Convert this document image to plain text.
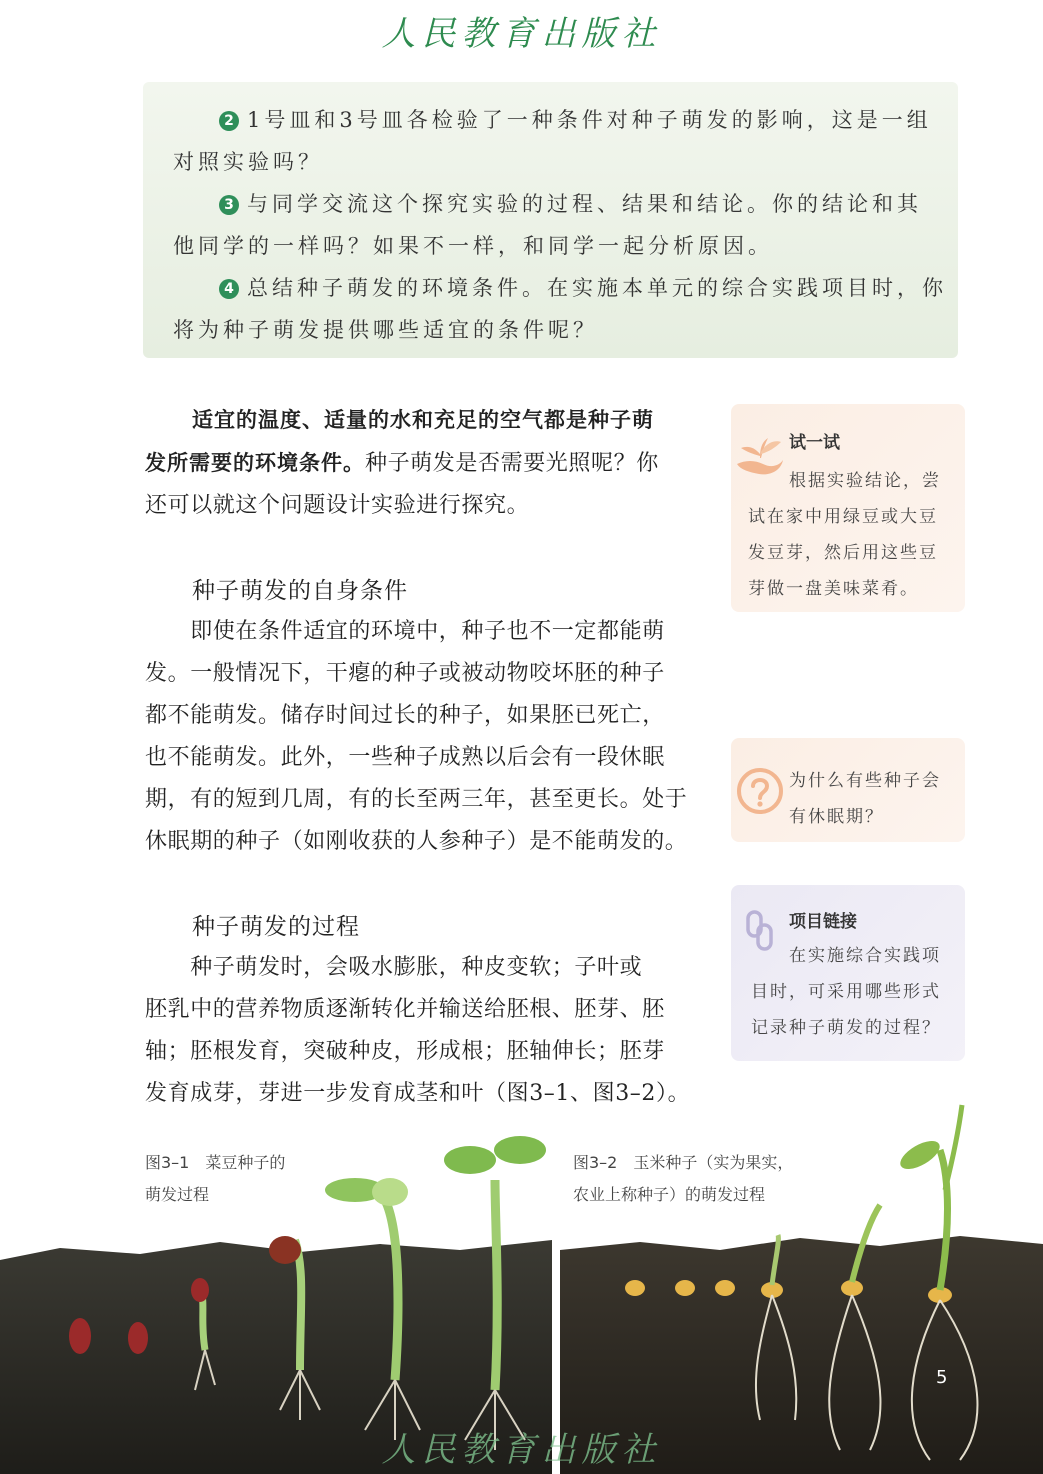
人民教育出版社
2 1号皿和3号皿各检验了一种条件对种子萌发的影响，这是一组
对照实验吗？
3 与同学交流这个探究实验的过程、结果和结论。你的结论和其
他同学的一样吗？如果不一样，和同学一起分析原因。
4 总结种子萌发的环境条件。在实施本单元的综合实践项目时，你
将为种子萌发提供哪些适宜的条件呢？
适宜的温度、适量的水和充足的空气都是种子萌
发所需要的环境条件。种子萌发是否需要光照呢？你
还可以就这个问题设计实验进行探究。
种子萌发的自身条件
　　即使在条件适宜的环境中，种子也不一定都能萌
发。一般情况下，干瘪的种子或被动物咬坏胚的种子
都不能萌发。储存时间过长的种子，如果胚已死亡，
也不能萌发。此外，一些种子成熟以后会有一段休眠
期，有的短到几周，有的长至两三年，甚至更长。处于
休眠期的种子（如刚收获的人参种子）是不能萌发的。
种子萌发的过程
　　种子萌发时，会吸水膨胀，种皮变软；子叶或
胚乳中的营养物质逐渐转化并输送给胚根、胚芽、胚
轴；胚根发育，突破种皮，形成根；胚轴伸长；胚芽
发育成芽，芽进一步发育成茎和叶（图3–1、图3–2）。
试一试
根据实验结论，尝
试在家中用绿豆或大豆
发豆芽，然后用这些豆
芽做一盘美味菜肴。
为什么有些种子会
有休眠期？
项目链接
在实施综合实践项
目时，可采用哪些形式
记录种子萌发的过程？
图3–1　菜豆种子的
萌发过程
图3–2　玉米种子（实为果实，
农业上称种子）的萌发过程
5
人民教育出版社
